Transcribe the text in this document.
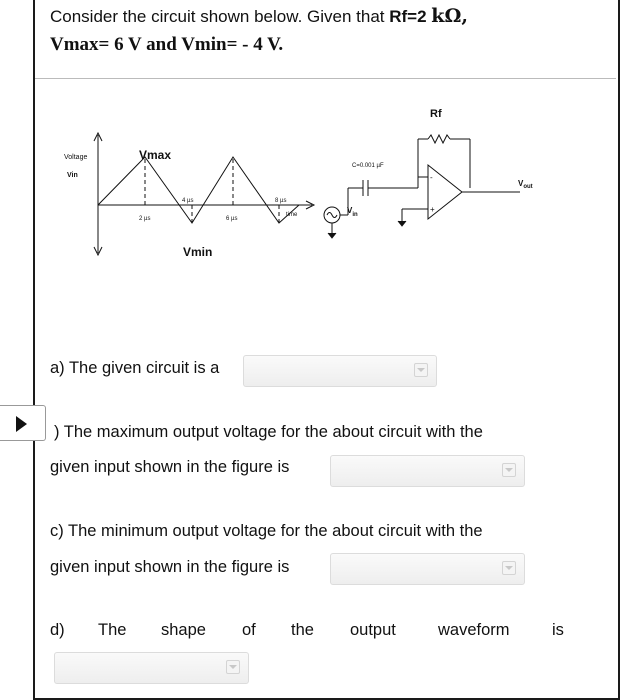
Consider the circuit shown below. Given that Rf=2 kΩ,
Vmax= 6 V and Vmin= - 4 V.
Voltage
Vin
Vmax
Vmin
2 µs
4 µs
6 µs
8 µs
time	$V_{in}$
C=0.001 µF
Rf
-
+
$V_{out}$
a) The given circuit is a
) The maximum output voltage for the about circuit with the
given input shown in the figure is
c) The minimum output voltage for the about circuit with the
given input shown in the figure is
d) The shape of the output	waveform	is
